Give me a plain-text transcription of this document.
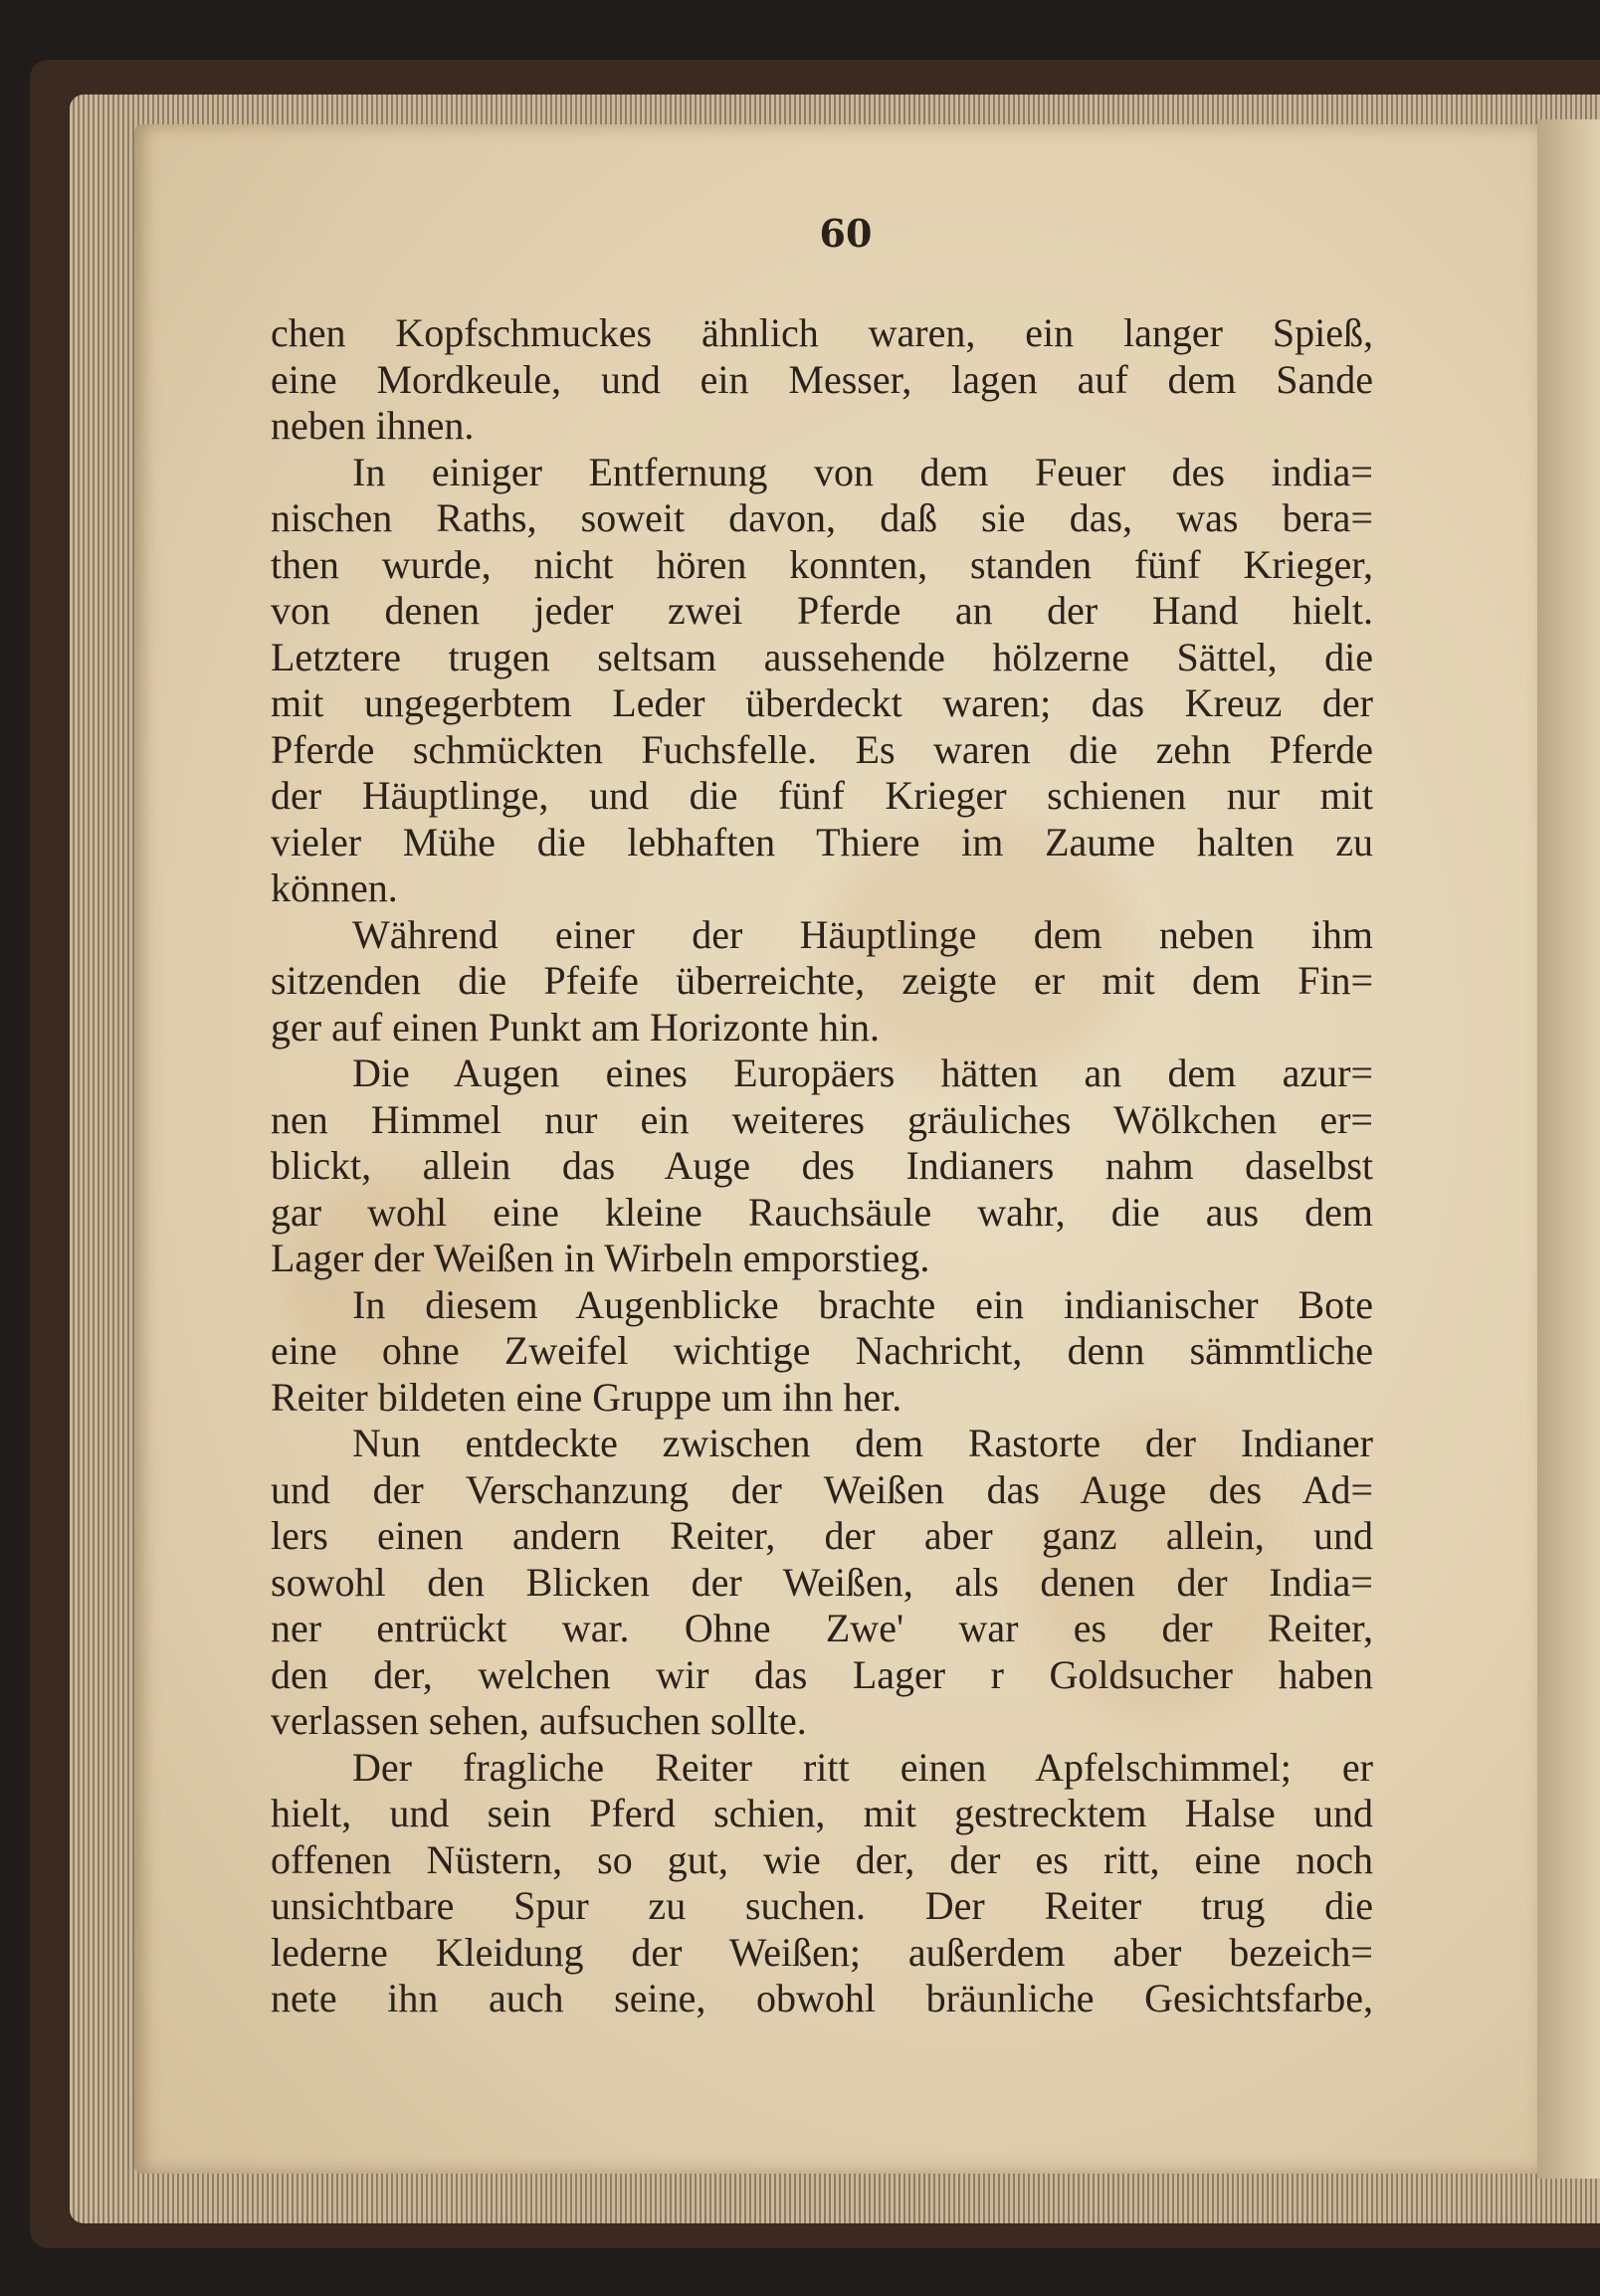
60
chen Kopfschmuckes ähnlich waren, ein langer Spieß,
eine Mordkeule, und ein Messer, lagen auf dem Sande
neben ihnen.
In einiger Entfernung von dem Feuer des india=
nischen Raths, soweit davon, daß sie das, was bera=
then wurde, nicht hören konnten, standen fünf Krieger,
von denen jeder zwei Pferde an der Hand hielt.
Letztere trugen seltsam aussehende hölzerne Sättel, die
mit ungegerbtem Leder überdeckt waren; das Kreuz der
Pferde schmückten Fuchsfelle. Es waren die zehn Pferde
der Häuptlinge, und die fünf Krieger schienen nur mit
vieler Mühe die lebhaften Thiere im Zaume halten zu
können.
Während einer der Häuptlinge dem neben ihm
sitzenden die Pfeife überreichte, zeigte er mit dem Fin=
ger auf einen Punkt am Horizonte hin.
Die Augen eines Europäers hätten an dem azur=
nen Himmel nur ein weiteres gräuliches Wölkchen er=
blickt, allein das Auge des Indianers nahm daselbst
gar wohl eine kleine Rauchsäule wahr, die aus dem
Lager der Weißen in Wirbeln emporstieg.
In diesem Augenblicke brachte ein indianischer Bote
eine ohne Zweifel wichtige Nachricht, denn sämmtliche
Reiter bildeten eine Gruppe um ihn her.
Nun entdeckte zwischen dem Rastorte der Indianer
und der Verschanzung der Weißen das Auge des Ad=
lers einen andern Reiter, der aber ganz allein, und
sowohl den Blicken der Weißen, als denen der India=
ner entrückt war. Ohne Zwe' war es der Reiter,
den der, welchen wir das Lager r Goldsucher haben
verlassen sehen, aufsuchen sollte.
Der fragliche Reiter ritt einen Apfelschimmel; er
hielt, und sein Pferd schien, mit gestrecktem Halse und
offenen Nüstern, so gut, wie der, der es ritt, eine noch
unsichtbare Spur zu suchen. Der Reiter trug die
lederne Kleidung der Weißen; außerdem aber bezeich=
nete ihn auch seine, obwohl bräunliche Gesichtsfarbe,
